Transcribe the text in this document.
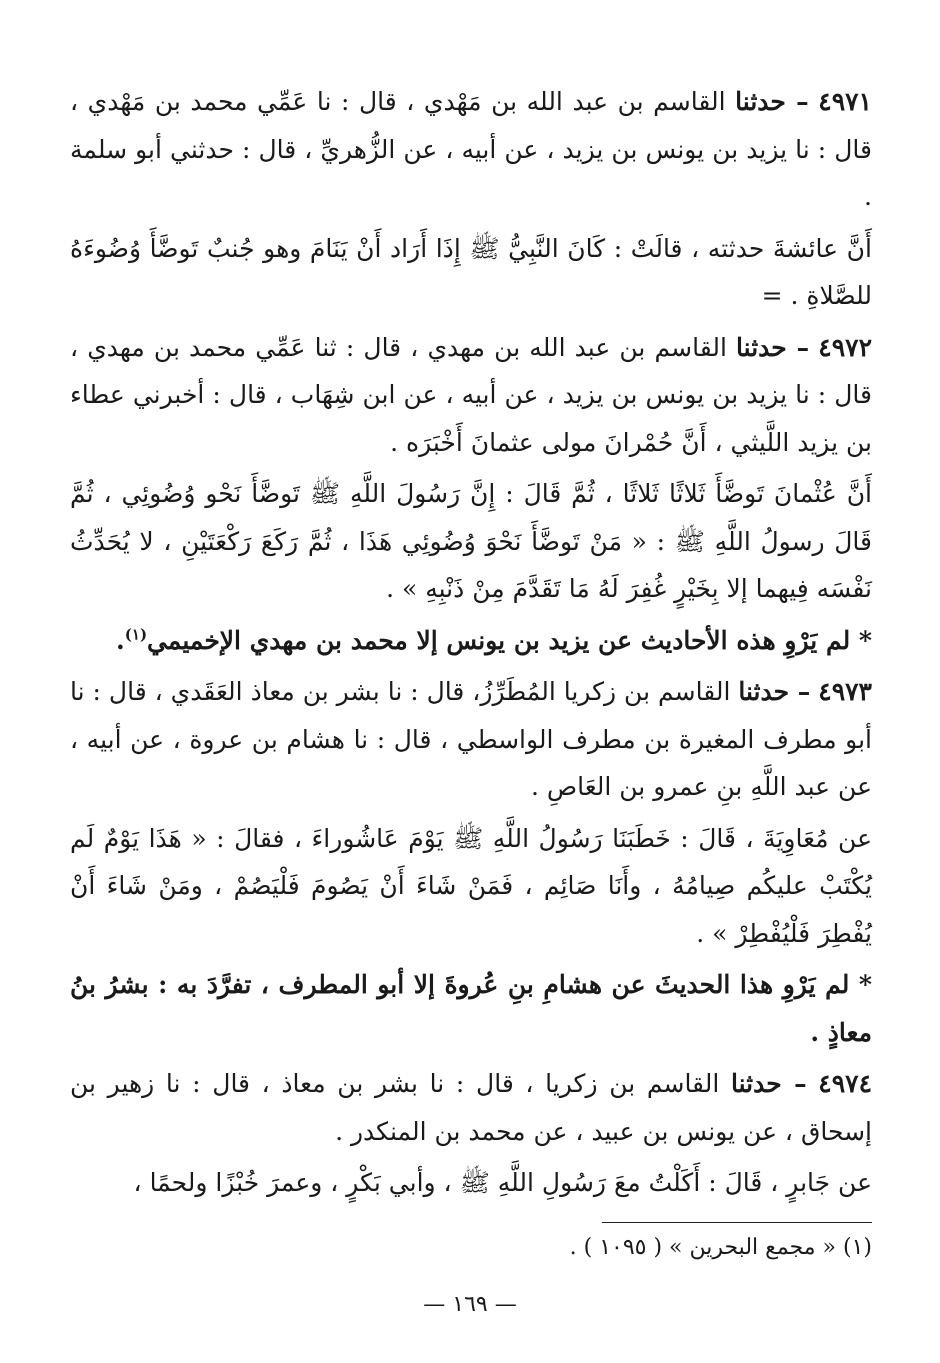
٤٩٧١ – حدثنا القاسم بن عبد الله بن مَهْدي ، قال : نا عَمِّي محمد بن مَهْدي ، قال : نا يزيد بن يونس بن يزيد ، عن أبيه ، عن الزُّهريِّ ، قال : حدثني أبو سلمة .

أَنَّ عائشةَ حدثته ، قالَتْ : كَانَ النَّبِيُّ ﷺ إِذَا أَرَاد أَنْ يَنَامَ وهو جُنبٌ تَوضَّأَ وُضُوءَهُ للصَّلاةِ . =

٤٩٧٢ – حدثنا القاسم بن عبد الله بن مهدي ، قال : ثنا عَمِّي محمد بن مهدي ، قال : نا يزيد بن يونس بن يزيد ، عن أبيه ، عن ابن شِهَاب ، قال : أخبرني عطاء بن يزيد اللَّيثي ، أَنَّ حُمْرانَ مولى عثمانَ أَخْبَرَه .

أَنَّ عُثْمانَ تَوضَّأَ ثَلاثًا ثَلاثًا ، ثُمَّ قَالَ : إِنَّ رَسُولَ اللَّهِ ﷺ تَوضَّأَ نَحْو وُضُوئِي ، ثُمَّ قَالَ رسولُ اللَّهِ ﷺ : « مَنْ تَوضَّأَ نَحْوَ وُضُوئِي هَذَا ، ثُمَّ رَكَعَ رَكْعَتَيْنِ ، لا يُحَدِّثُ نَفْسَه فِيهما إلا بِخَيْرٍ غُفِرَ لَهُ مَا تَقَدَّمَ مِنْ ذَنْبِهِ » .

* لم يَرْوِ هذه الأحاديث عن يزيد بن يونس إلا محمد بن مهدي الإخميمي$^{(١)}$.

٤٩٧٣ – حدثنا القاسم بن زكريا المُطَرِّزُ، قال : نا بشر بن معاذ العَقَدي ، قال : نا أبو مطرف المغيرة بن مطرف الواسطي ، قال : نا هشام بن عروة ، عن أبيه ، عن عبد اللَّهِ بنِ عمرو بن العَاصِ .

عن مُعَاوِيَةَ ، قَالَ : خَطَبَنَا رَسُولُ اللَّهِ ﷺ يَوْمَ عَاشُوراءَ ، فقالَ : « هَذَا يَوْمٌ لَم يُكْتَبْ عليكُم صِيامُهُ ، وأَنَا صَائِم ، فَمَنْ شَاءَ أَنْ يَصُومَ فَلْيَصُمْ ، ومَنْ شَاءَ أَنْ يُفْطِرَ فَلْيُفْطِرْ » .

* لم يَرْوِ هذا الحديثَ عن هشامِ بنِ عُروةَ إلا أبو المطرف ، تفرَّدَ به : بشرُ بنُ معاذٍ .

٤٩٧٤ – حدثنا القاسم بن زكريا ، قال : نا بشر بن معاذ ، قال : نا زهير بن إسحاق ، عن يونس بن عبيد ، عن محمد بن المنكدر .

عن جَابرٍ ، قَالَ : أَكَلْتُ معَ رَسُولِ اللَّهِ ﷺ ، وأبي بَكْرٍ ، وعمرَ خُبْزًا ولحمًا ،

(١) « مجمع البحرين » ( ١٠٩٥ ) .
— ١٦٩ —
